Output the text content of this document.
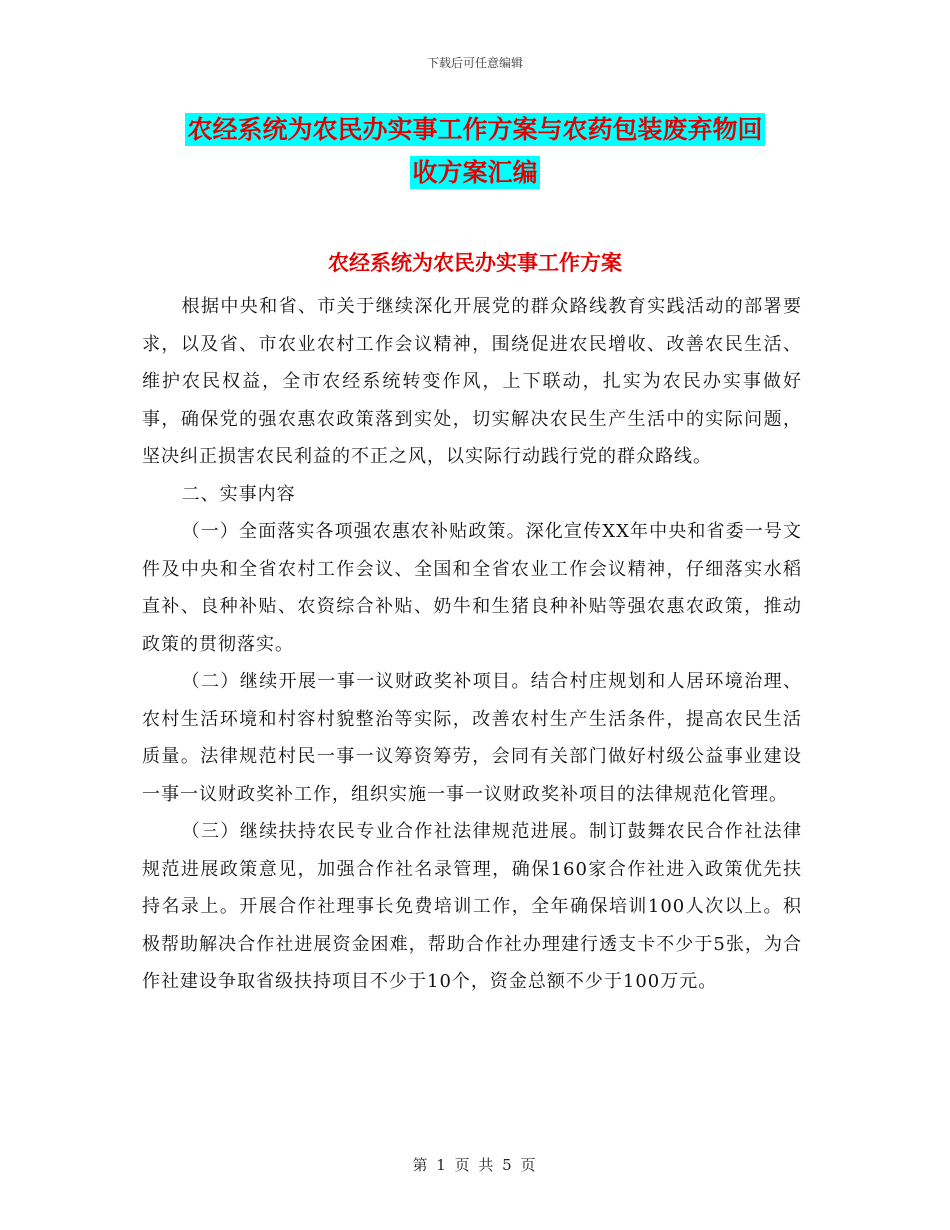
下载后可任意编辑
农经系统为农民办实事工作方案与农药包装废弃物回
收方案汇编
农经系统为农民办实事工作方案

根据中央和省、市关于继续深化开展党的群众路线教育实践活动的部署要求，以及省、市农业农村工作会议精神，围绕促进农民增收、改善农民生活、维护农民权益，全市农经系统转变作风，上下联动，扎实为农民办实事做好事，确保党的强农惠农政策落到实处，切实解决农民生产生活中的实际问题，坚决纠正损害农民利益的不正之风，以实际行动践行党的群众路线。

二、实事内容

（一）全面落实各项强农惠农补贴政策。深化宣传XX年中央和省委一号文件及中央和全省农村工作会议、全国和全省农业工作会议精神，仔细落实水稻直补、良种补贴、农资综合补贴、奶牛和生猪良种补贴等强农惠农政策，推动政策的贯彻落实。

（二）继续开展一事一议财政奖补项目。结合村庄规划和人居环境治理、农村生活环境和村容村貌整治等实际，改善农村生产生活条件，提高农民生活质量。法律规范村民一事一议筹资筹劳，会同有关部门做好村级公益事业建设一事一议财政奖补工作，组织实施一事一议财政奖补项目的法律规范化管理。

（三）继续扶持农民专业合作社法律规范进展。制订鼓舞农民合作社法律规范进展政策意见，加强合作社名录管理，确保160家合作社进入政策优先扶持名录上。开展合作社理事长免费培训工作，全年确保培训100人次以上。积极帮助解决合作社进展资金困难，帮助合作社办理建行透支卡不少于5张，为合作社建设争取省级扶持项目不少于10个，资金总额不少于100万元。

第 1 页 共 5 页
